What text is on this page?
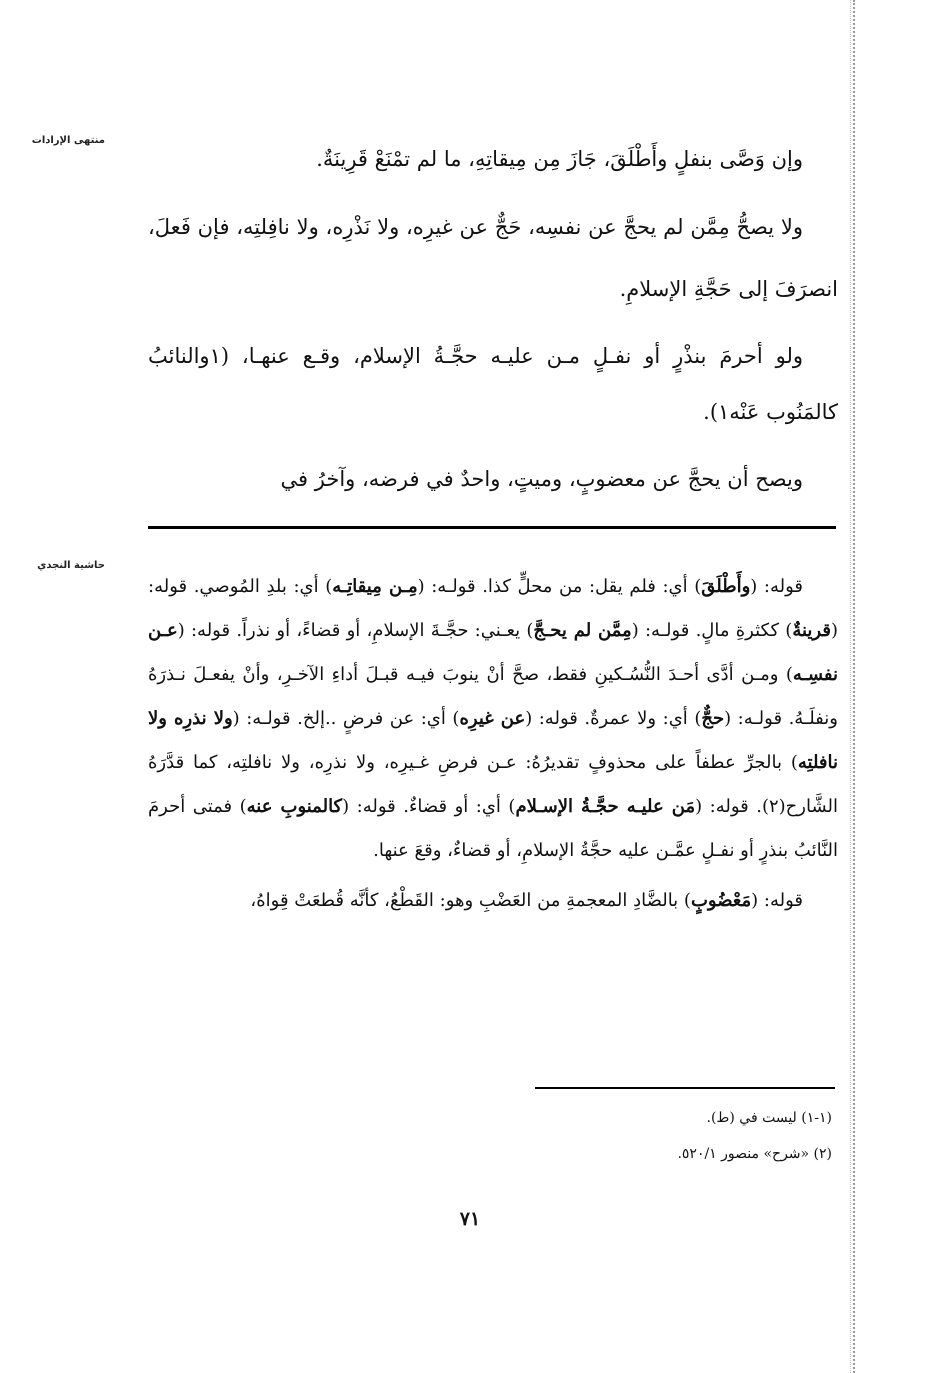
منتهى الإرادات
حاشية النجدي

وإن وَصَّى بنفلٍ وأَطْلَقَ، جَازَ مِن مِيقاتِهِ، ما لم تمْنَعْ قَرِينَةٌ.

ولا يصحُّ مِمَّن لم يحجَّ عن نفسِه، حَجٌّ عن غيرِه، ولا نَذْرِه، ولا نافِلتِه، فإن فَعلَ، انصرَفَ إلى حَجَّةِ الإسلامِ.

ولو أحرمَ بنذْرٍ أو نفـلٍ مـن عليـه حجَّـةُ الإسلام، وقـع عنهـا، (١والنائبُ كالمَنُوب عَنْه١).

ويصح أن يحجَّ عن معضوبٍ، وميتٍ، واحدٌ في فرضه، وآخرُ في

قوله: (وأَطْلَقَ) أي: فلم يقل: من محلٍّ كذا. قولـه: (مِـن مِيقاتِـه) أي: بلدِ المُوصي. قوله: (قرينةٌ) ككثرةِ مالٍ. قولـه: (مِمَّن لم يحـجَّ) يعـني: حجَّـةَ الإسلامِ، أو قضاءً، أو نذراً. قوله: (عـن نفسِـه) ومـن أدَّى أحـدَ النُّسُـكينِ فقط، صحَّ أنْ ينوبَ فيـه قبـلَ أداءِ الآخـرِ، وأنْ يفعـلَ نـذرَهُ ونفلَـهُ. قولـه: (حجٌّ) أي: ولا عمرةٌ. قوله: (عن غيرِه) أي: عن فرضٍ ..إلخ. قولـه: (ولا نذرِه ولا نافلتِه) بالجرِّ عطفاً على محذوفٍ تقديرُهُ: عـن فرضِ غـيرِه، ولا نذرِه، ولا نافلتِه، كما قدَّرَهُ الشَّارح(٢). قوله: (مَن عليـه حجَّـةُ الإسـلام) أي: أو قضاءٌ. قوله: (كالمنوبِ عنه) فمتى أحرمَ النَّائبُ بنذرٍ أو نفـلٍ عمَّـن عليه حجَّةُ الإسلامِ، أو قضاءٌ، وقعَ عنها.

قوله: (مَعْضُوبٍ) بالضَّادِ المعجمةِ من العَضْبِ وهو: القَطْعُ، كأنَّه قُطعَتْ قِواهُ،

(١-١) ليست في (ط).
(٢) «شرح» منصور ٥٢٠/١.
٧١
